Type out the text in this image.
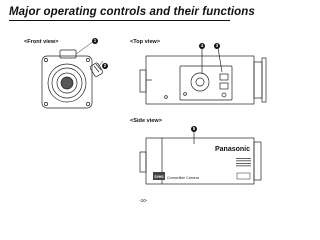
Major operating controls and their functions
<Front view>	1
2
<Top view>
4	3
<Side view>
5
SVHS Convertible Camera
Panasonic
-10-
